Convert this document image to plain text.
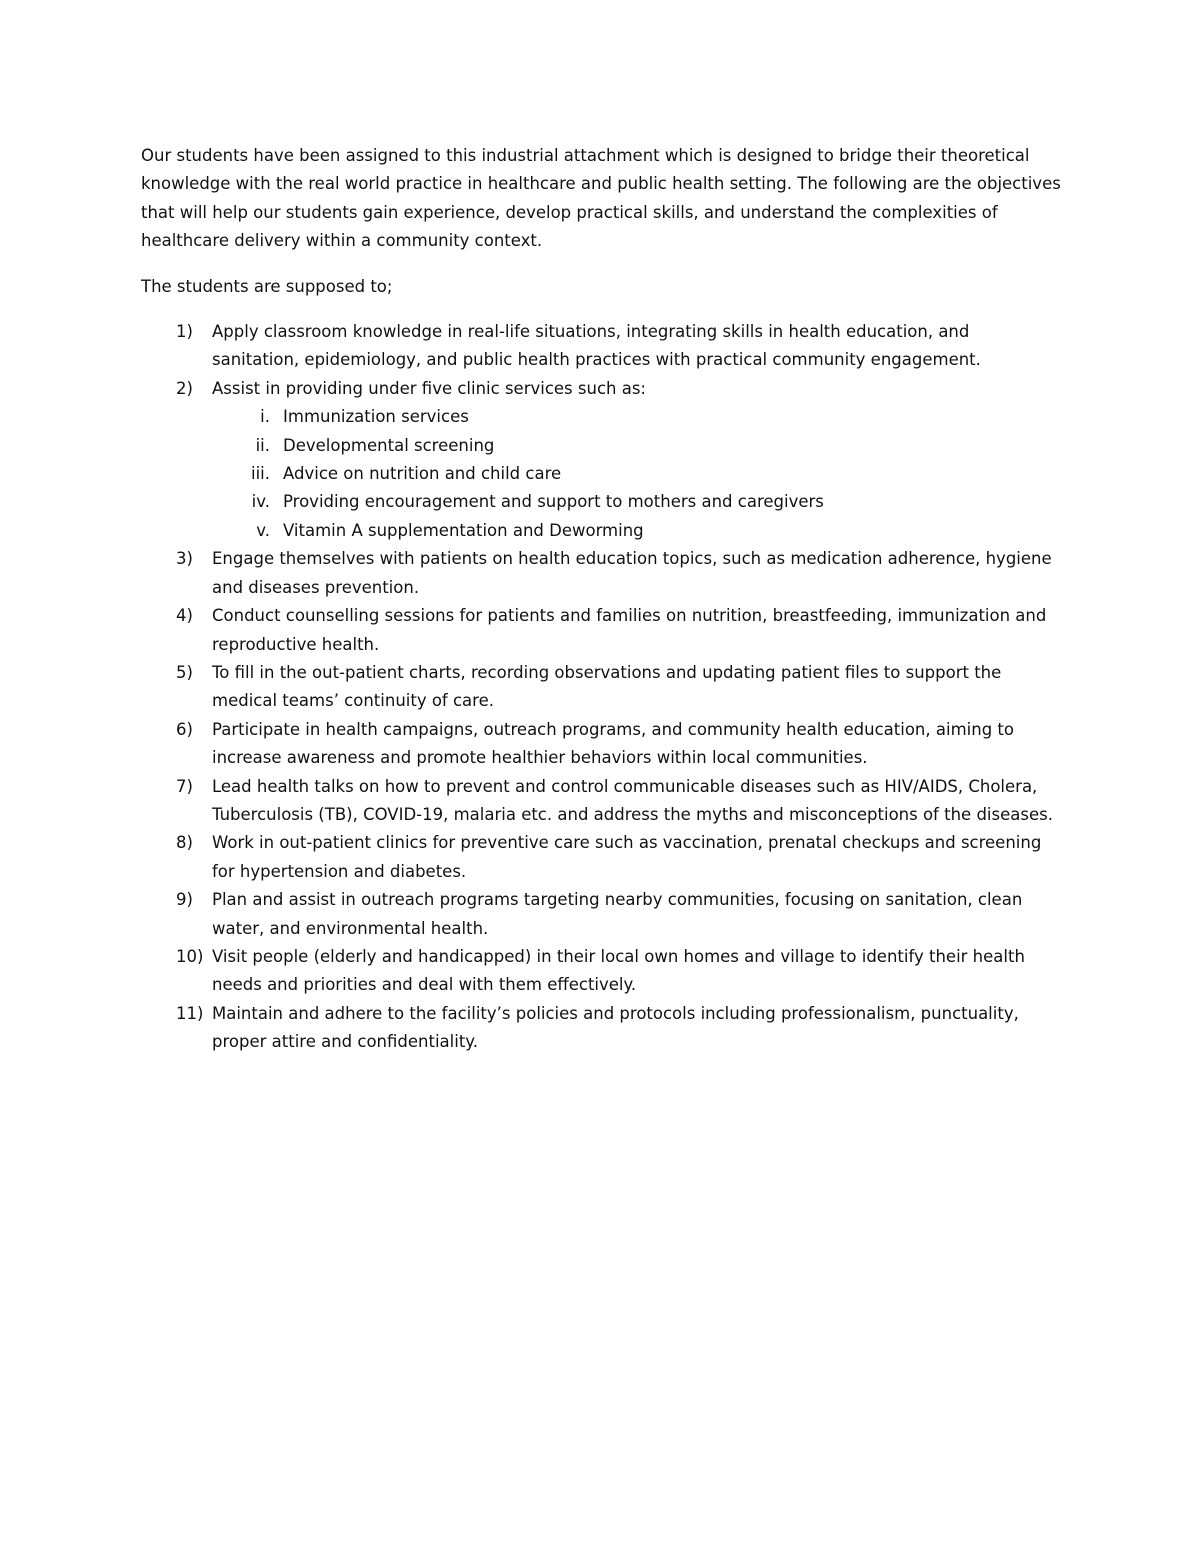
Our students have been assigned to this industrial attachment which is designed to bridge their theoretical knowledge with the real world practice in healthcare and public health setting. The following are the objectives that will help our students gain experience, develop practical skills, and understand the complexities of healthcare delivery within a community context.

The students are supposed to;

1)	Apply classroom knowledge in real-life situations, integrating skills in health education, and sanitation, epidemiology, and public health practices with practical community engagement.
2)	Assist in providing under five clinic services such as:
i. Immunization services
ii. Developmental screening
iii. Advice on nutrition and child care
iv. Providing encouragement and support to mothers and caregivers
v. Vitamin A supplementation and Deworming
3)	Engage themselves with patients on health education topics, such as medication adherence, hygiene and diseases prevention.
4)	Conduct counselling sessions for patients and families on nutrition, breastfeeding, immunization and reproductive health.
5)	To fill in the out-patient charts, recording observations and updating patient files to support the medical teams’ continuity of care.
6)	Participate in health campaigns, outreach programs, and community health education, aiming to increase awareness and promote healthier behaviors within local communities.
7)	Lead health talks on how to prevent and control communicable diseases such as HIV/AIDS, Cholera, Tuberculosis (TB), COVID-19, malaria etc. and address the myths and misconceptions of the diseases.
8)	Work in out-patient clinics for preventive care such as vaccination, prenatal checkups and screening for hypertension and diabetes.
9)	Plan and assist in outreach programs targeting nearby communities, focusing on sanitation, clean water, and environmental health.
10) Visit people (elderly and handicapped) in their local own homes and village to identify their health needs and priorities and deal with them effectively.
11) Maintain and adhere to the facility’s policies and protocols including professionalism, punctuality, proper attire and confidentiality.
